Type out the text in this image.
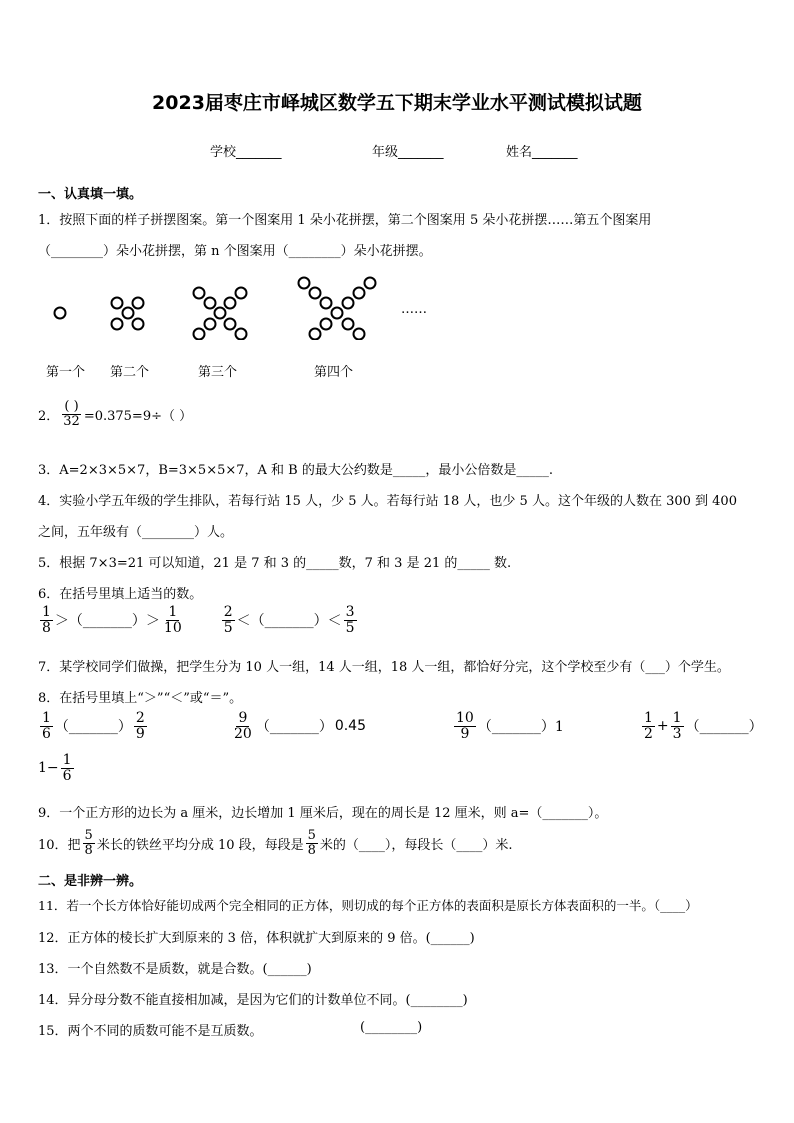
2023届枣庄市峄城区数学五下期末学业水平测试模拟试题
学校_______	年级_______	姓名_______
一、认真填一填。
1．按照下面的样子拼摆图案。第一个图案用 1 朵小花拼摆，第二个图案用 5 朵小花拼摆……第五个图案用
（________）朵小花拼摆，第 n 个图案用（________）朵小花拼摆。
……
第一个 第二个	第三个	第四个
2． $\frac{( )}{32} =0.375=9\div$（ ）
3．A=2×3×5×7，B=3×5×5×7，A 和 B 的最大公约数是_____，最小公倍数是_____.
4．实验小学五年级的学生排队，若每行站 15 人，少 5 人。若每行站 18 人，也少 5 人。这个年级的人数在 300 到 400
之间，五年级有（________）人。
5．根据 7×3=21 可以知道，21 是 7 和 3 的_____数，7 和 3 是 21 的_____ 数.
6．在括号里填上适当的数。
$\frac{1}{8}$ ＞（_______）＞ $\frac{1}{10}$	$\frac{2}{5}$ ＜（_______）＜ $\frac{3}{5}$
7．某学校同学们做操，把学生分为 10 人一组，14 人一组，18 人一组，都恰好分完，这个学校至少有（___）个学生。
8．在括号里填上“＞”“＜”或“＝”。
$\frac{1}{6}$ （_______） $\frac{2}{9}$	$\frac{9}{20}$ （_______） 0.45	$\frac{10}{9}$ （_______）1	$\frac{1}{2} + \frac{1}{3}$ （_______）
$1- \frac{1}{6}$
9．一个正方形的边长为 a 厘米，边长增加 1 厘米后，现在的周长是 12 厘米，则 a=（_______）。
10．把 $\frac{5}{8}$ 米长的铁丝平均分成 10 段，每段是 $\frac{5}{8}$ 米的（____），每段长（____）米.
二、是非辨一辨。
11．若一个长方体恰好能切成两个完全相同的正方体，则切成的每个正方体的表面积是原长方体表面积的一半。（____）
12．正方体的棱长扩大到原来的 3 倍，体积就扩大到原来的 9 倍。(______)
13．一个自然数不是质数，就是合数。(______)
14．异分母分数不能直接相加减，是因为它们的计数单位不同。(________)
15．两个不同的质数可能不是互质数。	(________)
